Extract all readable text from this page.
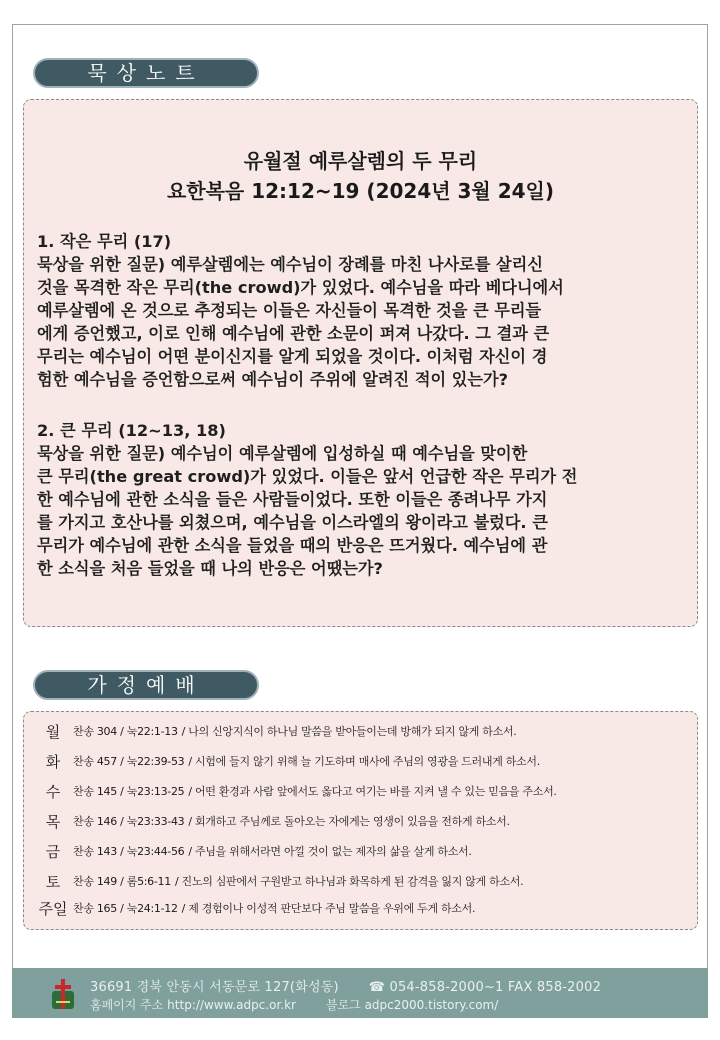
묵상노트
유월절 예루살렘의 두 무리
요한복음 12:12~19 (2024년 3월 24일)

1. 작은 무리 (17)

묵상을 위한 질문) 예루살렘에는 예수님이 장례를 마친 나사로를 살리신

것을 목격한 작은 무리(the crowd)가 있었다. 예수님을 따라 베다니에서

예루살렘에 온 것으로 추정되는 이들은 자신들이 목격한 것을 큰 무리들

에게 증언했고, 이로 인해 예수님에 관한 소문이 퍼져 나갔다. 그 결과 큰

무리는 예수님이 어떤 분이신지를 알게 되었을 것이다. 이처럼 자신이 경

험한 예수님을 증언함으로써 예수님이 주위에 알려진 적이 있는가?

2. 큰 무리 (12~13, 18)

묵상을 위한 질문) 예수님이 예루살렘에 입성하실 때 예수님을 맞이한

큰 무리(the great crowd)가 있었다. 이들은 앞서 언급한 작은 무리가 전

한 예수님에 관한 소식을 들은 사람들이었다. 또한 이들은 종려나무 가지

를 가지고 호산나를 외쳤으며, 예수님을 이스라엘의 왕이라고 불렀다. 큰

무리가 예수님에 관한 소식을 들었을 때의 반응은 뜨거웠다. 예수님에 관

한 소식을 처음 들었을 때 나의 반응은 어땠는가?

가정예배
월 찬송 304 / 눅22:1-13 / 나의 신앙지식이 하나님 말씀을 받아들이는데 방해가 되지 않게 하소서.
화 찬송 457 / 눅22:39-53 / 시험에 들지 않기 위해 늘 기도하며 매사에 주님의 영광을 드러내게 하소서.
수 찬송 145 / 눅23:13-25 / 어떤 환경과 사람 앞에서도 옳다고 여기는 바를 지켜 낼 수 있는 믿음을 주소서.
목 찬송 146 / 눅23:33-43 / 회개하고 주님께로 돌아오는 자에게는 영생이 있음을 전하게 하소서.
금 찬송 143 / 눅23:44-56 / 주님을 위해서라면 아낄 것이 없는 제자의 삶을 살게 하소서.
토 찬송 149 / 롬5:6-11 / 진노의 심판에서 구원받고 하나님과 화목하게 된 감격을 잃지 않게 하소서.
주일 찬송 165 / 눅24:1-12 / 제 경험이나 이성적 판단보다 주님 말씀을 우위에 두게 하소서.
36691 경북 안동시 서동문로 127(화성동) ☎ 054-858-2000~1 FAX 858-2002
홈페이지 주소 http://www.adpc.or.kr	블로그 adpc2000.tistory.com/
